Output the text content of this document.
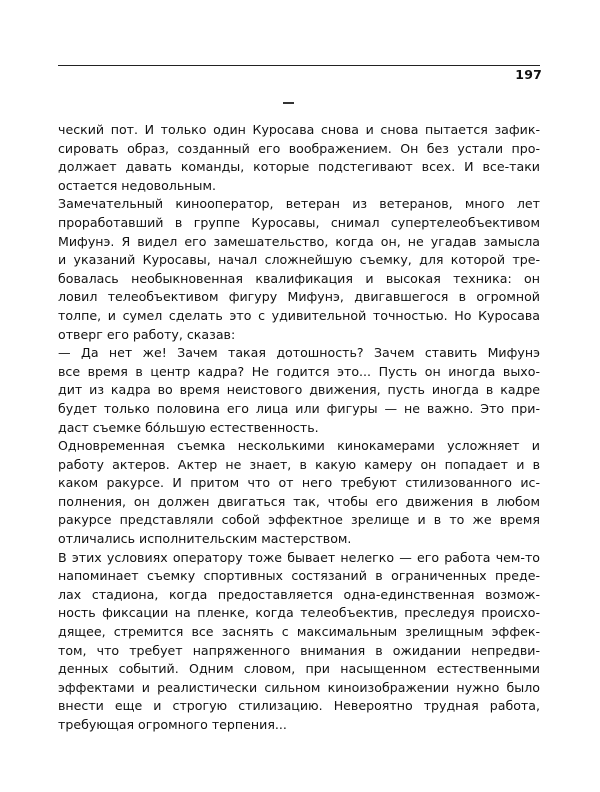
197
ческий пот. И только один Куросава снова и снова пытается зафик-
сировать образ, созданный его воображением. Он без устали про-
должает давать команды, которые подстегивают всех. И все-таки
остается недовольным.
Замечательный кинооператор, ветеран из ветеранов, много лет
проработавший в группе Куросавы, снимал супертелеобъективом
Мифунэ. Я видел его замешательство, когда он, не угадав замысла
и указаний Куросавы, начал сложнейшую съемку, для которой тре-
бовалась необыкновенная квалификация и высокая техника: он
ловил телеобъективом фигуру Мифунэ, двигавшегося в огромной
толпе, и сумел сделать это с удивительной точностью. Но Куросава
отверг его работу, сказав:
— Да нет же! Зачем такая дотошность? Зачем ставить Мифунэ
все время в центр кадра? Не годится это... Пусть он иногда выхо-
дит из кадра во время неистового движения, пусть иногда в кадре
будет только половина его лица или фигуры — не важно. Это при-
даст съемке бо́льшую естественность.
Одновременная съемка несколькими кинокамерами усложняет и
работу актеров. Актер не знает, в какую камеру он попадает и в
каком ракурсе. И притом что от него требуют стилизованного ис-
полнения, он должен двигаться так, чтобы его движения в любом
ракурсе представляли собой эффектное зрелище и в то же время
отличались исполнительским мастерством.
В этих условиях оператору тоже бывает нелегко — его работа чем-то
напоминает съемку спортивных состязаний в ограниченных преде-
лах стадиона, когда предоставляется одна-единственная возмож-
ность фиксации на пленке, когда телеобъектив, преследуя происхо-
дящее, стремится все заснять с максимальным зрелищным эффек-
том, что требует напряженного внимания в ожидании непредви-
денных событий. Одним словом, при насыщенном естественными
эффектами и реалистически сильном киноизображении нужно было
внести еще и строгую стилизацию. Невероятно трудная работа,
требующая огромного терпения...
